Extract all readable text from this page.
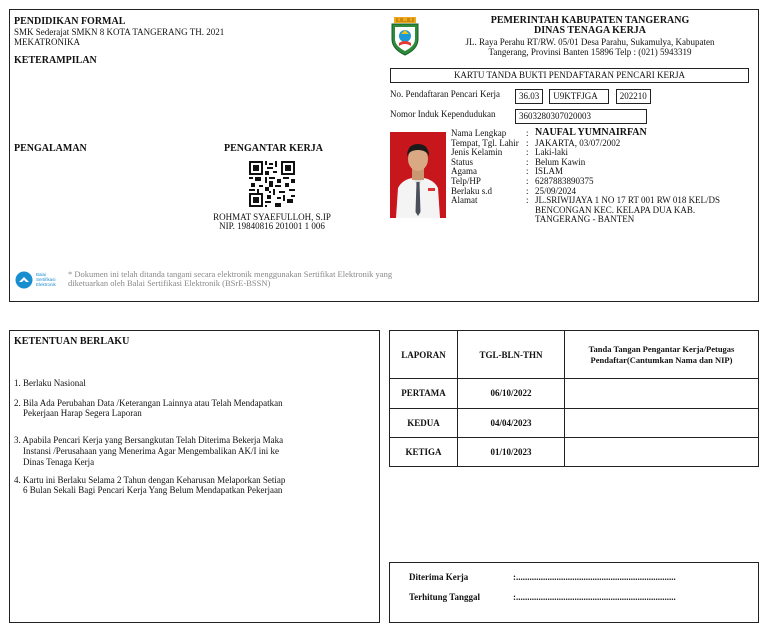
PENDIDIKAN FORMAL
SMK Sederajat SMKN 8 KOTA TANGERANG TH. 2021
MEKATRONIKA
KETERAMPILAN
PENGALAMAN	PENGANTAR KERJA
ROHMAT SYAEFULLOH, S.IP
NIP. 19840816 201001 1 006
Balai
Sertifikasi
Elektronik
* Dokumen ini telah ditanda tangani secara elektronik menggunakan Sertifikat Elektronik yang
diketuarkan oleh Balai Sertifikasi Elektronik (BSrE-BSSN)
PEMERINTAH KABUPATEN TANGERANG
DINAS TENAGA KERJA
JL. Raya Perahu RT/RW. 05/01 Desa Parahu, Sukamulya, Kabupaten
Tangerang, Provinsi Banten 15896 Telp : (021) 5943319
KARTU TANDA BUKTI PENDAFTARAN PENCARI KERJA
No. Pendaftaran Pencari Kerja	36.03 U9KTFJGA 202210
Nomor Induk Kependudukan	3603280307020003
Nama Lengkap : NAUFAL YUMNAIRFAN
Tempat, Tgl. Lahir : JAKARTA, 03/07/2002
Jenis Kelamin	: Laki-laki
Status	: Belum Kawin
Agama	: ISLAM
Telp/HP	: 6287883890375
Berlaku s.d	: 25/09/2024
Alamat	: JL.SRIWIJAYA 1 NO 17 RT 001 RW 018 KEL/DS
BENCONGAN KEC. KELAPA DUA KAB.
TANGERANG - BANTEN
KETENTUAN BERLAKU
1. Berlaku Nasional
2. Bila Ada Perubahan Data /Keterangan Lainnya atau Telah Mendapatkan
Pekerjaan Harap Segera Laporan
3. Apabila Pencari Kerja yang Bersangkutan Telah Diterima Bekerja Maka
Instansi /Perusahaan yang Menerima Agar Mengembalikan AK/I ini ke
Dinas Tenaga Kerja
4. Kartu ini Berlaku Selama 2 Tahun dengan Keharusan Melaporkan Setiap
6 Bulan Sekali Bagi Pencari Kerja Yang Belum Mendapatkan Pekerjaan
LAPORAN	TGL-BLN-THN	Tanda Tangan Pengantar Kerja/Petugas
Pendaftar(Cantumkan Nama dan NIP)

PERTAMA	06/10/2022	
KEDUA	04/04/2023	
KETIGA	01/10/2023	
Diterima Kerja	:.......................................................................
Terhitung Tanggal	:.......................................................................
